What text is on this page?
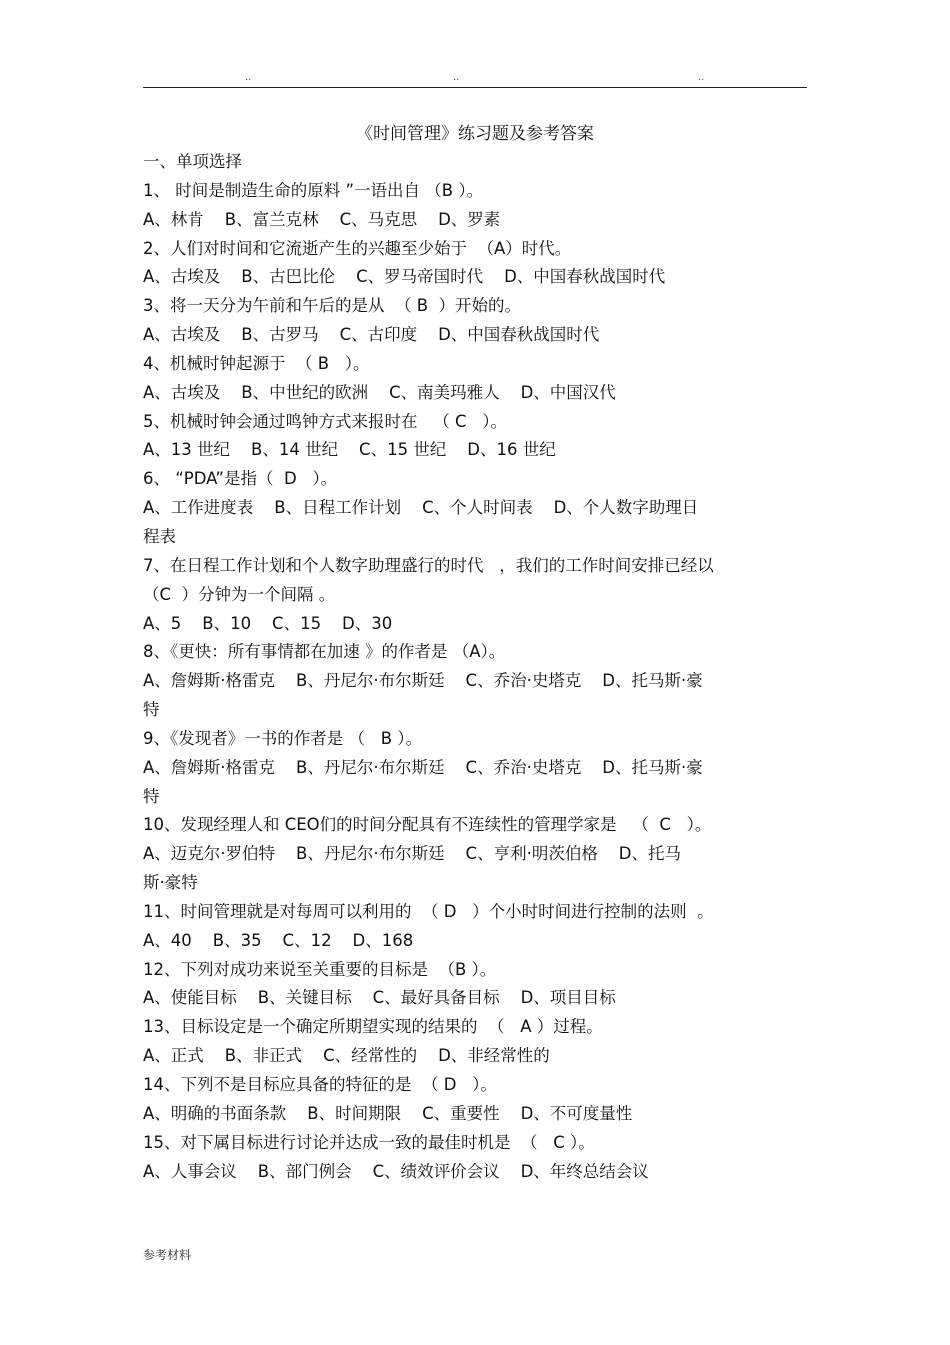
..	..	..
《时间管理》练习题及参考答案
一、单项选择
1、 时间是制造生命的原料 ”一语出自 （B ）。
A、林肯    B、富兰克林    C、马克思    D、罗素
2、人们对时间和它流逝产生的兴趣至少始于  （A）时代。
A、古埃及    B、古巴比伦    C、罗马帝国时代    D、中国春秋战国时代
3、将一天分为午前和午后的是从  （ B  ）开始的。
A、古埃及    B、古罗马    C、古印度    D、中国春秋战国时代
4、机械时钟起源于  （ B   ）。
A、古埃及    B、中世纪的欧洲    C、南美玛雅人    D、中国汉代
5、机械时钟会通过鸣钟方式来报时在   （ C   ）。
A、13 世纪    B、14 世纪    C、15 世纪    D、16 世纪
6、 “PDA”是指（  D   ）。
A、工作进度表    B、日程工作计划    C、个人时间表    D、个人数字助理日
程表
7、在日程工作计划和个人数字助理盛行的时代   ，我们的工作时间安排已经以
（C  ）分钟为一个间隔 。
A、5    B、10    C、15    D、30
8、《更快：所有事情都在加速 》的作者是 （A）。
A、詹姆斯·格雷克    B、丹尼尔·布尔斯廷    C、乔治·史塔克    D、托马斯·豪
特
9、《发现者》一书的作者是 （   B ）。
A、詹姆斯·格雷克    B、丹尼尔·布尔斯廷    C、乔治·史塔克    D、托马斯·豪
特
10、发现经理人和 CEO们的时间分配具有不连续性的管理学家是   （  C   ）。
A、迈克尔·罗伯特    B、丹尼尔·布尔斯廷    C、亨利·明茨伯格    D、托马
斯·豪特
11、时间管理就是对每周可以利用的  （ D   ）个小时时间进行控制的法则  。
A、40    B、35    C、12    D、168
12、下列对成功来说至关重要的目标是  （B ）。
A、使能目标    B、关键目标    C、最好具备目标    D、项目目标
13、目标设定是一个确定所期望实现的结果的  （   A ）过程。
A、正式    B、非正式    C、经常性的    D、非经常性的
14、下列不是目标应具备的特征的是  （ D   ）。
A、明确的书面条款    B、时间期限    C、重要性    D、不可度量性
15、对下属目标进行讨论并达成一致的最佳时机是  （   C ）。
A、人事会议    B、部门例会    C、绩效评价会议    D、年终总结会议
参考材料
